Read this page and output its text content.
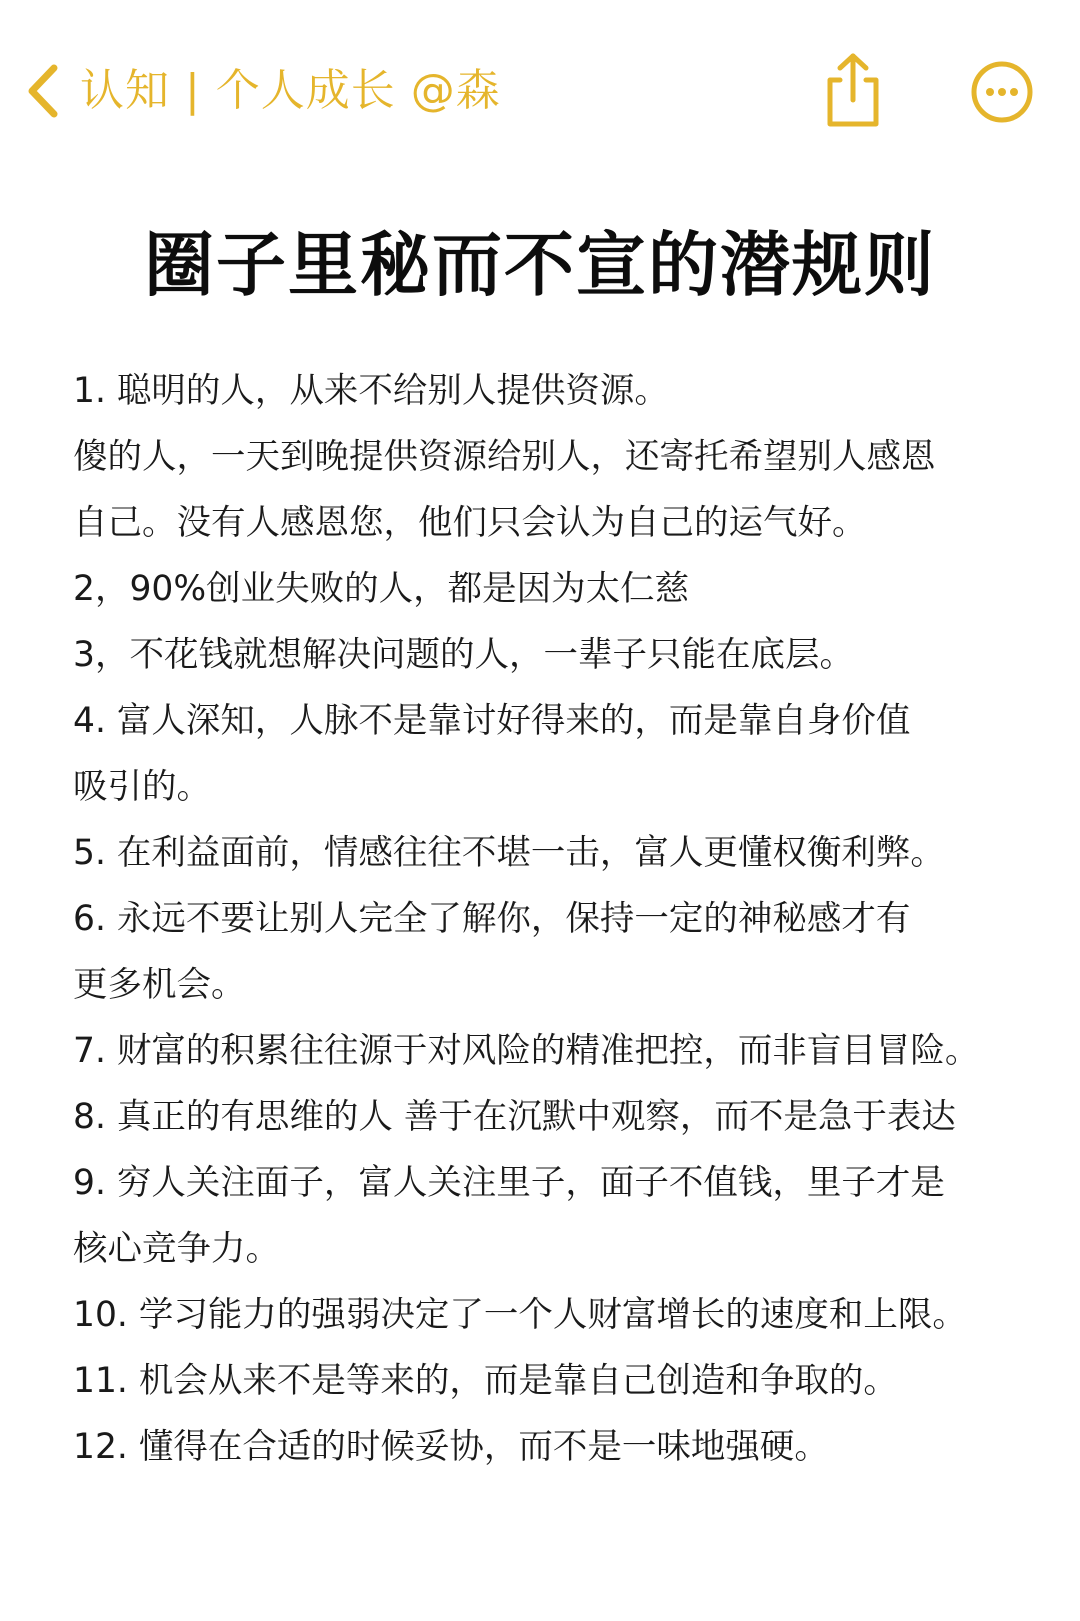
认知 | 个人成长 @森
圈子里秘而不宣的潜规则
1. 聪明的人，从来不给别人提供资源。
傻的人，一天到晚提供资源给别人，还寄托希望别人感恩
自己。没有人感恩您，他们只会认为自己的运气好。
2，90%创业失败的人，都是因为太仁慈
3，不花钱就想解决问题的人，一辈子只能在底层。
4. 富人深知，人脉不是靠讨好得来的，而是靠自身价值
吸引的。
5. 在利益面前，情感往往不堪一击，富人更懂权衡利弊。
6. 永远不要让别人完全了解你，保持一定的神秘感才有
更多机会。
7. 财富的积累往往源于对风险的精准把控，而非盲目冒险。
8. 真正的有思维的人 善于在沉默中观察，而不是急于表达
9. 穷人关注面子，富人关注里子，面子不值钱，里子才是
核心竞争力。
10. 学习能力的强弱决定了一个人财富增长的速度和上限。
11. 机会从来不是等来的，而是靠自己创造和争取的。
12. 懂得在合适的时候妥协，而不是一味地强硬。
